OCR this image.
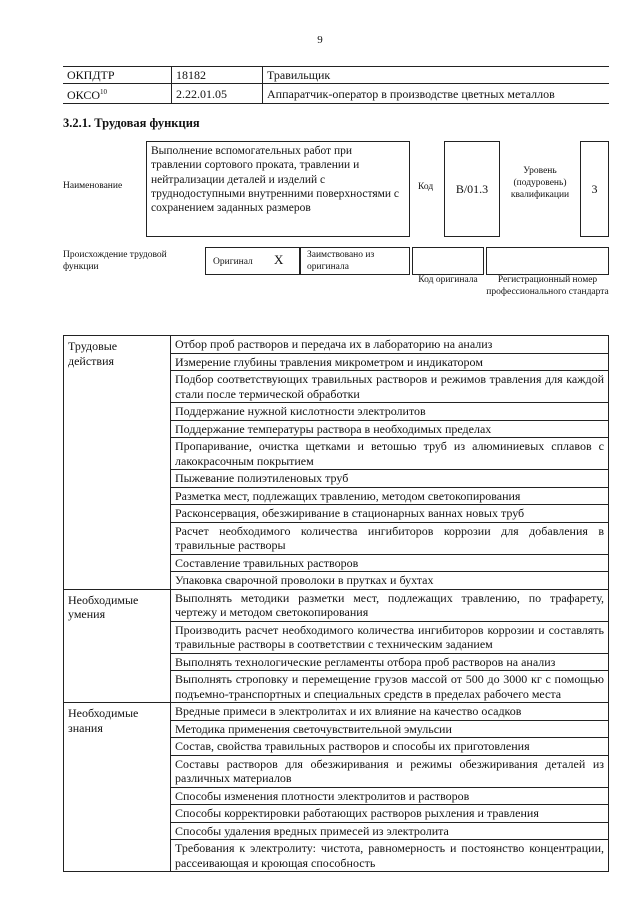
9
ОКПДТР	18182	Травильщик
ОКСО$^{10}$	2.22.01.05	Аппаратчик-оператор в производстве цветных металлов
3.2.1. Трудовая функция
Наименование
Выполнение вспомогательных работ при травлении сортового проката, травлении и нейтрализации деталей и изделий с труднодоступными внутренними поверхностями с сохранением заданных размеров
Код	B/01.3
Уровень (подуровень) квалификации	3
Происхождение трудовой функции	Оригинал X Заимствовано из оригинала
Код оригинала	Регистрационный номер профессионального стандарта
Трудовые действия	Отбор проб растворов и передача их в лабораторию на анализ
	Измерение глубины травления микрометром и индикатором
	Подбор соответствующих травильных растворов и режимов травления для каждой стали после термической обработки
	Поддержание нужной кислотности электролитов
	Поддержание температуры раствора в необходимых пределах
	Пропаривание, очистка щетками и ветошью труб из алюминиевых сплавов с лакокрасочным покрытием
	Пыжевание полиэтиленовых труб
	Разметка мест, подлежащих травлению, методом светокопирования
	Расконсервация, обезжиривание в стационарных ваннах новых труб
	Расчет необходимого количества ингибиторов коррозии для добавления в травильные растворы
	Составление травильных растворов
	Упаковка сварочной проволоки в прутках и бухтах
Необходимые умения	Выполнять методики разметки мест, подлежащих травлению, по трафарету, чертежу и методом светокопирования
	Производить расчет необходимого количества ингибиторов коррозии и составлять травильные растворы в соответствии с техническим заданием
	Выполнять технологические регламенты отбора проб растворов на анализ
	Выполнять строповку и перемещение грузов массой от 500 до 3000 кг с помощью подъемно-транспортных и специальных средств в пределах рабочего места
Необходимые знания	Вредные примеси в электролитах и их влияние на качество осадков
	Методика применения светочувствительной эмульсии
	Состав, свойства травильных растворов и способы их приготовления
	Составы растворов для обезжиривания и режимы обезжиривания деталей из различных материалов
	Способы изменения плотности электролитов и растворов
	Способы корректировки работающих растворов рыхления и травления
	Способы удаления вредных примесей из электролита
	Требования к электролиту: чистота, равномерность и постоянство концентрации, рассеивающая и кроющая способность
